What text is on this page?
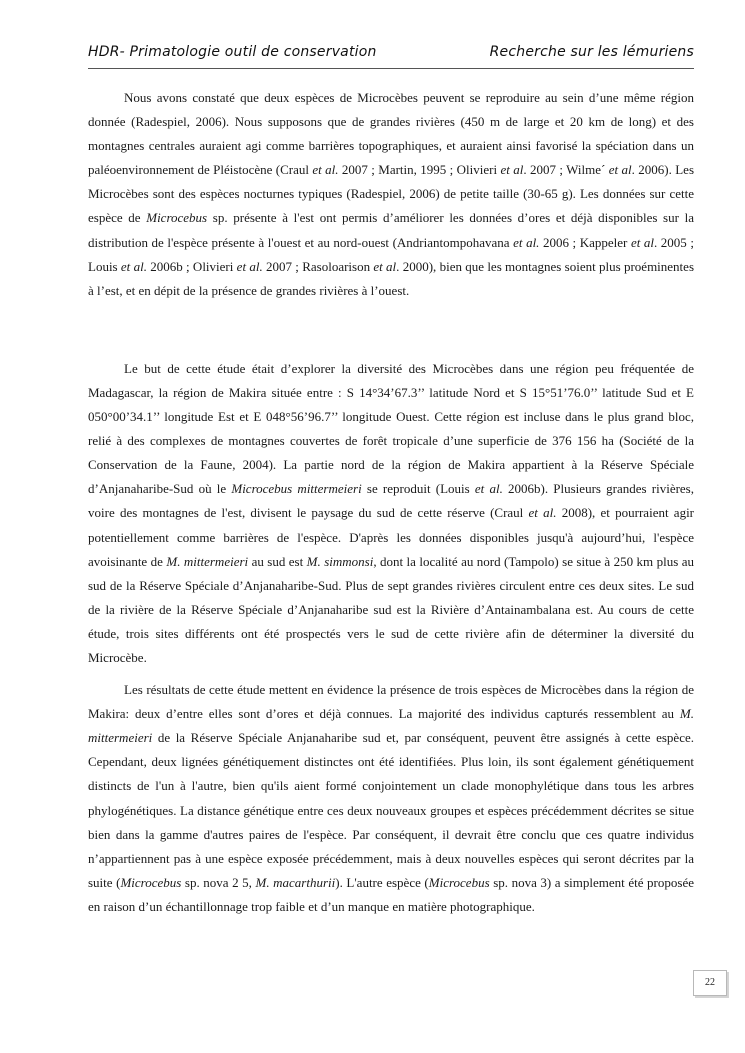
HDR- Primatologie outil de conservation	Recherche sur les lémuriens

Nous avons constaté que deux espèces de Microcèbes peuvent se reproduire au sein d’une même région donnée (Radespiel, 2006). Nous supposons que de grandes rivières (450 m de large et 20 km de long) et des montagnes centrales auraient agi comme barrières topographiques, et auraient ainsi favorisé la spéciation dans un paléoenvironnement de Pléistocène (Craul et al. 2007 ; Martin, 1995 ; Olivieri et al. 2007 ; Wilme´ et al. 2006). Les Microcèbes sont des espèces nocturnes typiques (Radespiel, 2006) de petite taille (30-65 g). Les données sur cette espèce de Microcebus sp. présente à l'est ont permis d’améliorer les données d’ores et déjà disponibles sur la distribution de l'espèce présente à l'ouest et au nord-ouest (Andriantompohavana et al. 2006 ; Kappeler et al. 2005 ; Louis et al. 2006b ; Olivieri et al. 2007 ; Rasoloarison et al. 2000), bien que les montagnes soient plus proéminentes à l’est, et en dépit de la présence de grandes rivières à l’ouest.

Le but de cette étude était d’explorer la diversité des Microcèbes dans une région peu fréquentée de Madagascar, la région de Makira située entre : S 14°34’67.3’’ latitude Nord et S 15°51’76.0’’ latitude Sud et E 050°00’34.1’’ longitude Est et E 048°56’96.7’’ longitude Ouest. Cette région est incluse dans le plus grand bloc, relié à des complexes de montagnes couvertes de forêt tropicale d’une superficie de 376 156 ha (Société de la Conservation de la Faune, 2004). La partie nord de la région de Makira appartient à la Réserve Spéciale d’Anjanaharibe-Sud où le Microcebus mittermeieri se reproduit (Louis et al. 2006b). Plusieurs grandes rivières, voire des montagnes de l'est, divisent le paysage du sud de cette réserve (Craul et al. 2008), et pourraient agir potentiellement comme barrières de l'espèce. D'après les données disponibles jusqu'à aujourd’hui, l'espèce avoisinante de M. mittermeieri au sud est M. simmonsi, dont la localité au nord (Tampolo) se situe à 250 km plus au sud de la Réserve Spéciale d’Anjanaharibe-Sud. Plus de sept grandes rivières circulent entre ces deux sites. Le sud de la rivière de la Réserve Spéciale d’Anjanaharibe sud est la Rivière d’Antainambalana est. Au cours de cette étude, trois sites différents ont été prospectés vers le sud de cette rivière afin de déterminer la diversité du Microcèbe.

Les résultats de cette étude mettent en évidence la présence de trois espèces de Microcèbes dans la région de Makira: deux d’entre elles sont d’ores et déjà connues. La majorité des individus capturés ressemblent au M. mittermeieri de la Réserve Spéciale Anjanaharibe sud et, par conséquent, peuvent être assignés à cette espèce. Cependant, deux lignées génétiquement distinctes ont été identifiées. Plus loin, ils sont également génétiquement distincts de l'un à l'autre, bien qu'ils aient formé conjointement un clade monophylétique dans tous les arbres phylogénétiques. La distance génétique entre ces deux nouveaux groupes et espèces précédemment décrites se situe bien dans la gamme d'autres paires de l'espèce. Par conséquent, il devrait être conclu que ces quatre individus n’appartiennent pas à une espèce exposée précédemment, mais à deux nouvelles espèces qui seront décrites par la suite (Microcebus sp. nova 2 5, M. macarthurii). L'autre espèce (Microcebus sp. nova 3) a simplement été proposée en raison d’un échantillonnage trop faible et d’un manque en matière photographique.

22
